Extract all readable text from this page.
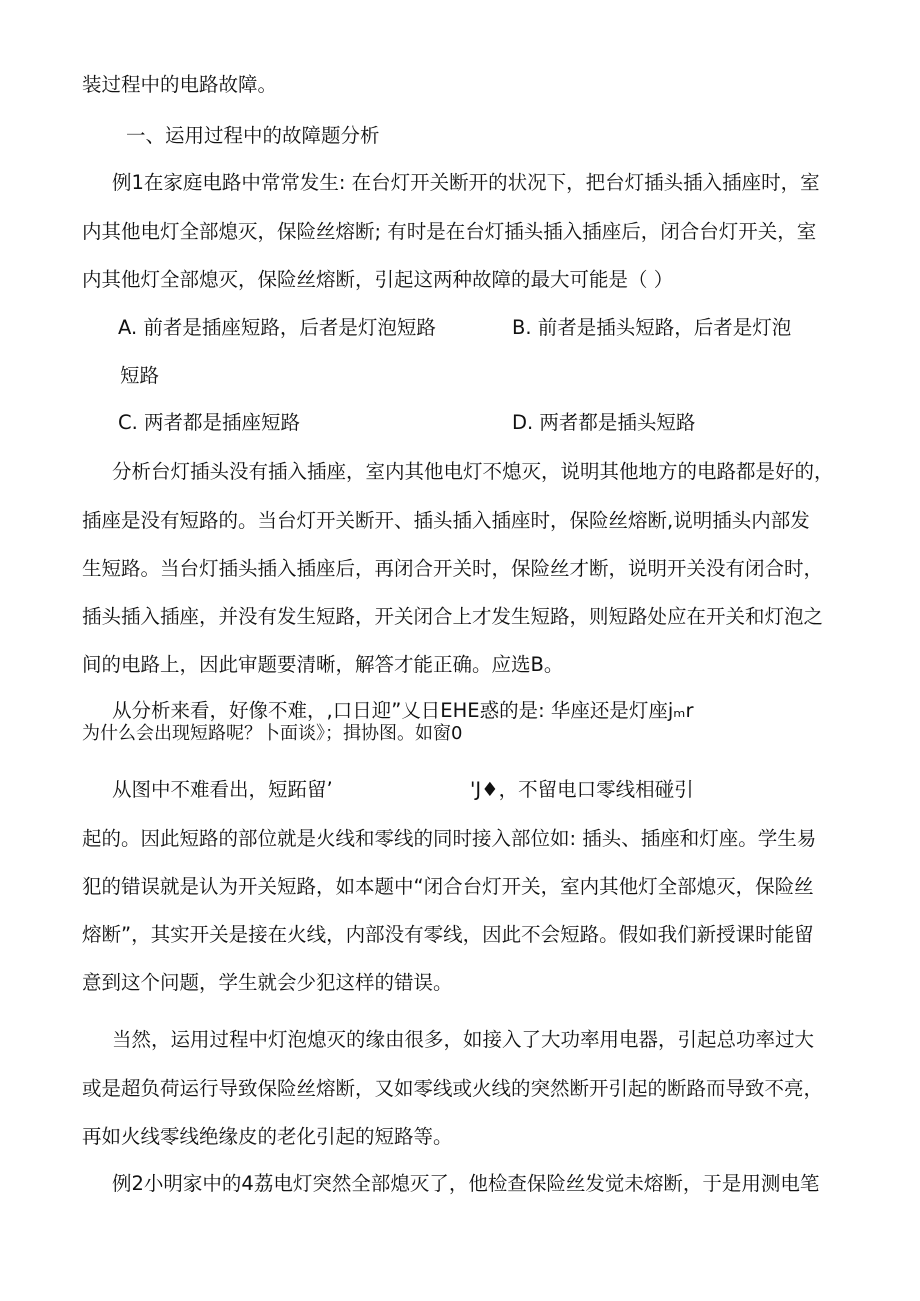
装过程中的电路故障。
一、运用过程中的故障题分析
例1在家庭电路中常常发生: 在台灯开关断开的状况下，把台灯插头插入插座时，室
内其他电灯全部熄灭，保险丝熔断; 有时是在台灯插头插入插座后，闭合台灯开关，室
内其他灯全部熄灭，保险丝熔断，引起这两种故障的最大可能是（ ）
A. 前者是插座短路，后者是灯泡短路	B. 前者是插头短路，后者是灯泡
短路
C. 两者都是插座短路	D. 两者都是插头短路
分析台灯插头没有插入插座，室内其他电灯不熄灭，说明其他地方的电路都是好的，
插座是没有短路的。当台灯开关断开、插头插入插座时，保险丝熔断,说明插头内部发
生短路。当台灯插头插入插座后，再闭合开关时，保险丝才断，说明开关没有闭合时，
插头插入插座，并没有发生短路，开关闭合上才发生短路，则短路处应在开关和灯泡之
间的电路上，因此审题要清晰，解答才能正确。应选B。
从分析来看，好像不难，,口日迎”乂日EHE惑的是: 华座还是灯座jₘr
为什么会出现短路呢？卜面谈》；揖协图。如窗0
从图中不难看出，短跖留’	'J♦，不留电口零线相碰引
起的。因此短路的部位就是火线和零线的同时接入部位如: 插头、插座和灯座。学生易
犯的错误就是认为开关短路，如本题中“闭合台灯开关，室内其他灯全部熄灭，保险丝
熔断”，其实开关是接在火线，内部没有零线，因此不会短路。假如我们新授课时能留
意到这个问题，学生就会少犯这样的错误。
当然，运用过程中灯泡熄灭的缘由很多，如接入了大功率用电器，引起总功率过大
或是超负荷运行导致保险丝熔断，又如零线或火线的突然断开引起的断路而导致不亮，
再如火线零线绝缘皮的老化引起的短路等。
例2小明家中的4荔电灯突然全部熄灭了，他检查保险丝发觉未熔断，于是用测电笔
